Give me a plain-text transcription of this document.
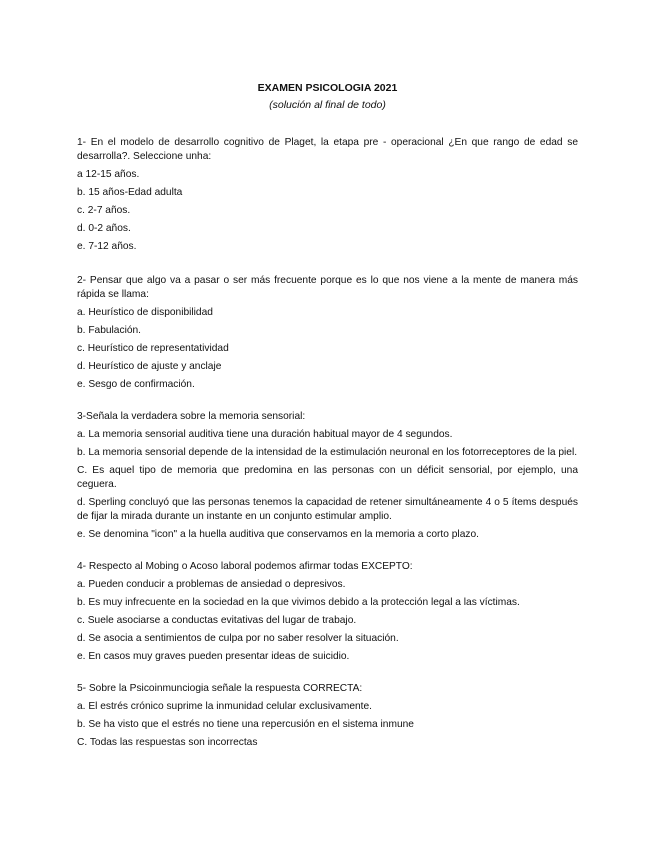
EXAMEN PSICOLOGIA 2021
(solución al final de todo)
1- En el modelo de desarrollo cognitivo de Plaget, la etapa pre - operacional ¿En que rango de edad se desarrolla?. Seleccione unha:
a 12-15 años.
b. 15 años-Edad adulta
c. 2-7 años.
d. 0-2 años.
e. 7-12 años.
2- Pensar que algo va a pasar o ser más frecuente porque es lo que nos viene a la mente de manera más rápida se llama:
a. Heurístico de disponibilidad
b. Fabulación.
c. Heurístico de representatividad
d. Heurístico de ajuste y anclaje
e. Sesgo de confirmación.
3-Señala la verdadera sobre la memoria sensorial:
a. La memoria sensorial auditiva tiene una duración habitual mayor de 4 segundos.
b. La memoria sensorial depende de la intensidad de la estimulación neuronal en los fotorreceptores de la piel.
C. Es aquel tipo de memoria que predomina en las personas con un déficit sensorial, por ejemplo, una ceguera.
d. Sperling concluyó que las personas tenemos la capacidad de retener simultáneamente 4 o 5 ítems después de fijar la mirada durante un instante en un conjunto estimular amplio.
e. Se denomina "icon" a la huella auditiva que conservamos en la memoria a corto plazo.
4- Respecto al Mobing o Acoso laboral podemos afirmar todas EXCEPTO:
a. Pueden conducir a problemas de ansiedad o depresivos.
b. Es muy infrecuente en la sociedad en la que vivimos debido a la protección legal a las víctimas.
c. Suele asociarse a conductas evitativas del lugar de trabajo.
d. Se asocia a sentimientos de culpa por no saber resolver la situación.
e. En casos muy graves pueden presentar ideas de suicidio.
5- Sobre la Psicoinmunciogia señale la respuesta CORRECTA:
a. El estrés crónico suprime la inmunidad celular exclusivamente.
b. Se ha visto que el estrés no tiene una repercusión en el sistema inmune
C. Todas las respuestas son incorrectas
